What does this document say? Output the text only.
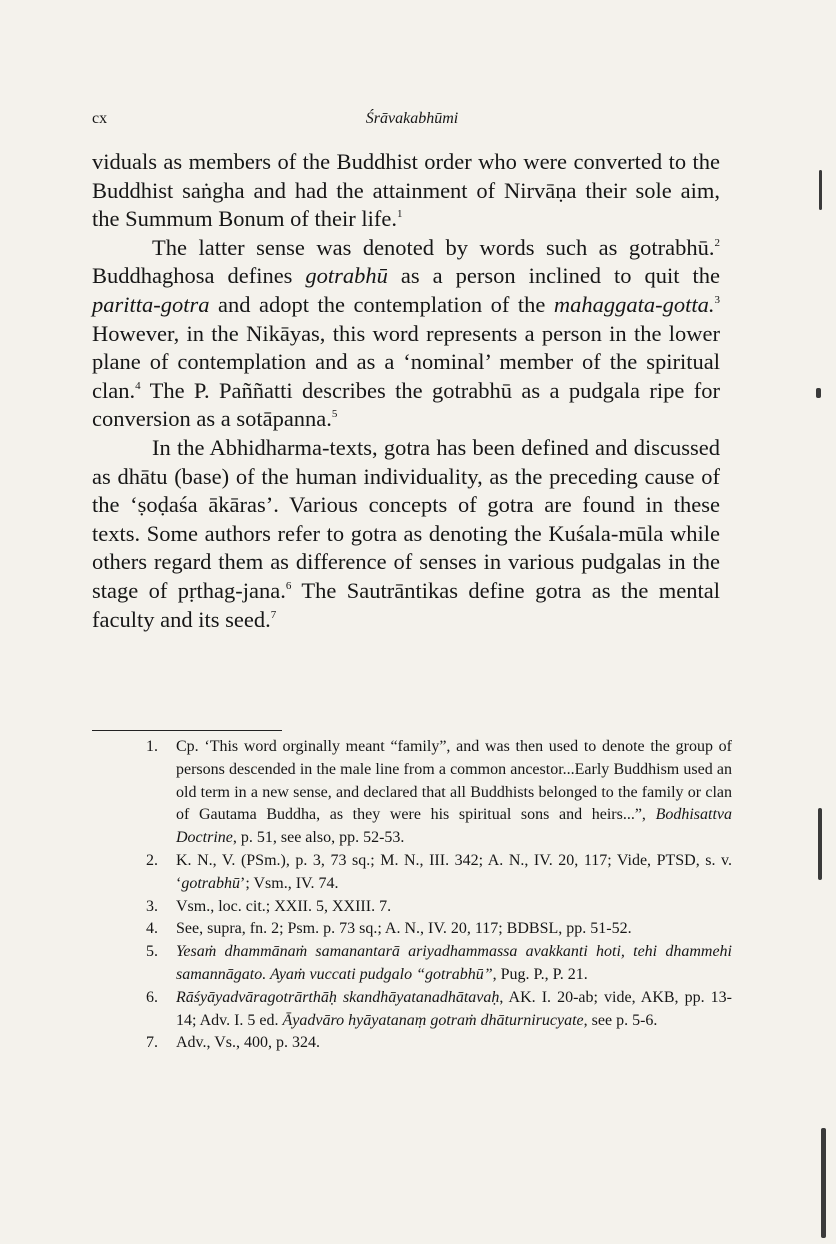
cx	Śrāvakabhūmi

viduals as members of the Buddhist order who were converted to the Buddhist saṅgha and had the attainment of Nirvāṇa their sole aim, the Summum Bonum of their life.$^1$

The latter sense was denoted by words such as gotrabhū.$^2$ Buddhaghosa defines gotrabhū as a person inclined to quit the paritta-gotra and adopt the contemplation of the mahaggata-gotta.$^3$ However, in the Nikāyas, this word represents a person in the lower plane of contemplation and as a ‘nominal’ member of the spiritual clan.$^4$ The P. Paññatti describes the gotrabhū as a pudgala ripe for conversion as a sotāpanna.$^5$

In the Abhidharma-texts, gotra has been defined and discussed as dhātu (base) of the human individuality, as the preceding cause of the ‘ṣoḍaśa ākāras’. Various concepts of gotra are found in these texts. Some authors refer to gotra as denoting the Kuśala-mūla while others regard them as difference of senses in various pudgalas in the stage of pṛthag-jana.$^6$ The Sautrāntikas define gotra as the mental faculty and its seed.$^7$

1.	Cp. ‘This word orginally meant “family”, and was then used to denote the group of persons descended in the male line from a common ancestor...Early Buddhism used an old term in a new sense, and declared that all Buddhists belonged to the family or clan of Gautama Buddha, as they were his spiritual sons and heirs...”, Bodhisattva Doctrine, p. 51, see also, pp. 52-53.
2.	K. N., V. (PSm.), p. 3, 73 sq.; M. N., III. 342; A. N., IV. 20, 117; Vide, PTSD, s. v. ‘gotrabhū’; Vsm., IV. 74.
3.	Vsm., loc. cit.; XXII. 5, XXIII. 7.
4.	See, supra, fn. 2; Psm. p. 73 sq.; A. N., IV. 20, 117; BDBSL, pp. 51-52.
5.	Yesaṁ dhammānaṁ samanantarā ariyadhammassa avakkanti hoti, tehi dhammehi samannāgato. Ayaṁ vuccati pudgalo “gotrabhū”, Pug. P., P. 21.
6.	Rāśyāyadvāragotrārthāḥ skandhāyatanadhātavaḥ, AK. I. 20-ab; vide, AKB, pp. 13-14; Adv. I. 5 ed. Āyadvāro hyāyatanaṃ gotraṁ dhāturnirucyate, see p. 5-6.
7.	Adv., Vs., 400, p. 324.
